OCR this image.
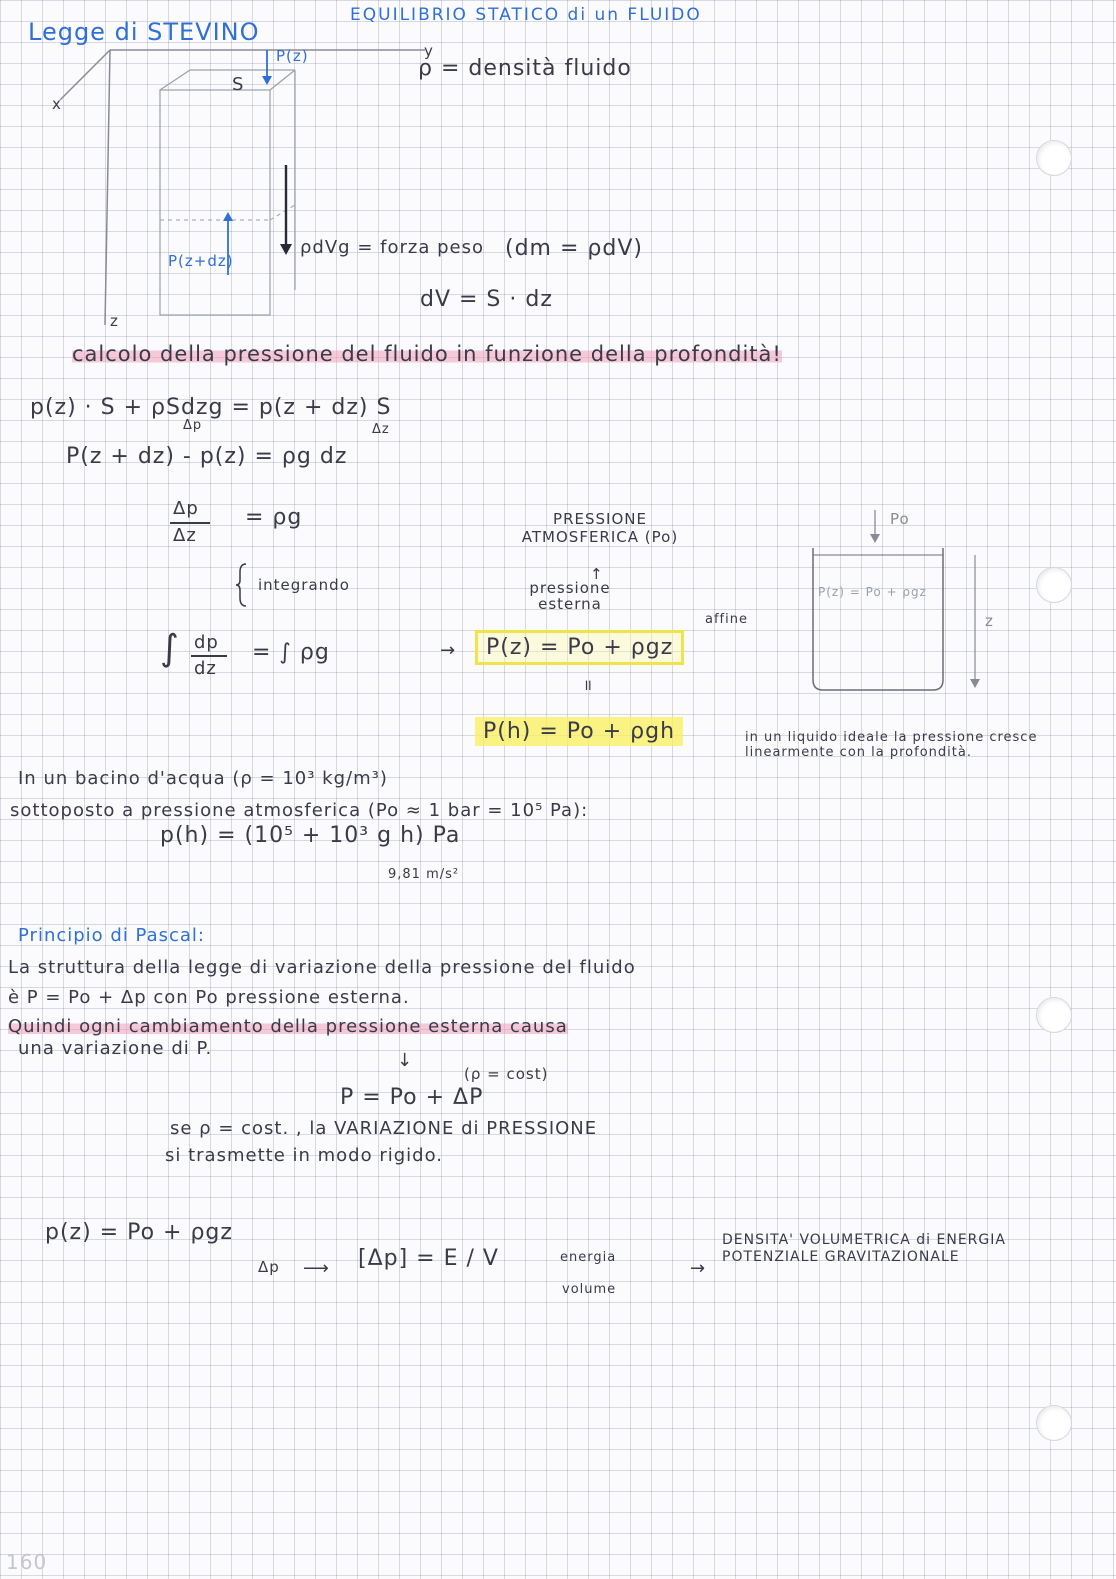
Legge di STEVINO
EQUILIBRIO STATICO di un FLUIDO
P(z)
S
x
y
z
P(z+dz)
ρ = densità fluido
ρdVg = forza peso (dm = ρdV)
dV = S · dz
calcolo della pressione del fluido in funzione della profondità!
p(z) · S + ρSdzg = p(z + dz) S
Δp	Δz
P(z + dz) - p(z) = ρg dz
Δp
Δz
= ρg
integrando
∫ dp
dz
= ∫ ρg
PRESSIONE ATMOSFERICA (Po)
↑
pressione esterna
→	P(z) = Po + ρgz
affine
॥
P(h) = Po + ρgh	in un liquido ideale la pressione cresce linearmente con la profondità.
Po
P(z) = Po + ρgz
z
In un bacino d'acqua (ρ = 10³ kg/m³)
sottoposto a pressione atmosferica (Po ≈ 1 bar = 10⁵ Pa):
p(h) = (10⁵ + 10³ g h) Pa
9,81 m/s²
Principio di Pascal:
La struttura della legge di variazione della pressione del fluido
è P = Po + Δp con Po pressione esterna.
Quindi ogni cambiamento della pressione esterna causa
una variazione di P.
↓
(ρ = cost)
P = Po + ΔP
se ρ = cost. , la VARIAZIONE di PRESSIONE
si trasmette in modo rigido.
p(z) = Po + ρgz
Δp ⟶ [Δp] = E / V	energia
volume
→
DENSITA' VOLUMETRICA di ENERGIA POTENZIALE GRAVITAZIONALE
160
